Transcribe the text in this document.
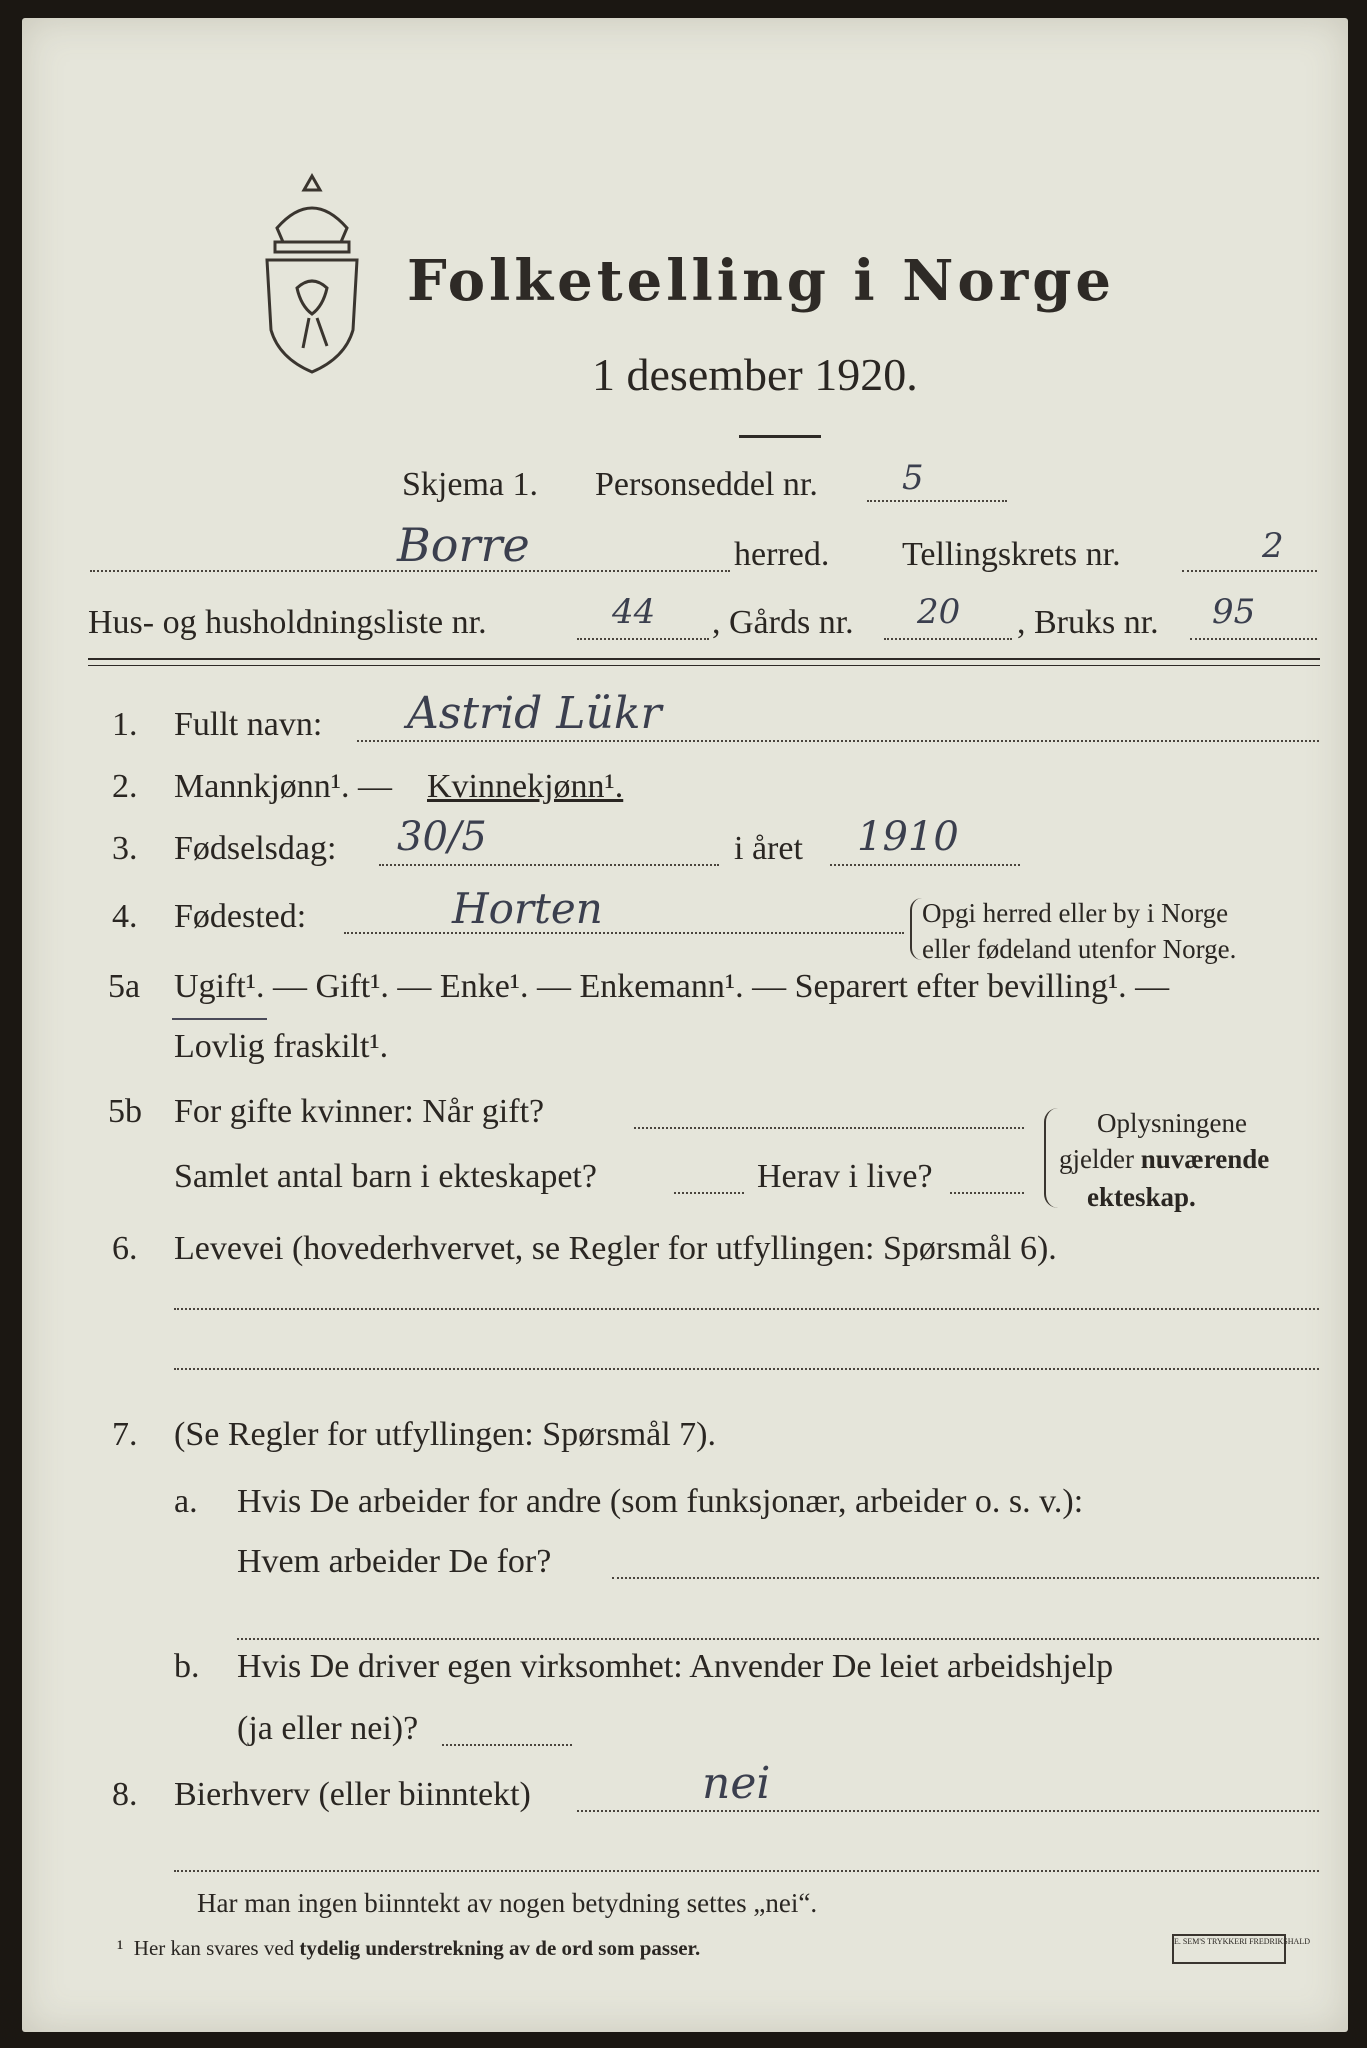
Folketelling i Norge
1 desember 1920.
Skjema 1. Personseddel nr. 5
Borre	herred. Tellingskrets nr.	2
Hus- og husholdningsliste nr.	44 , Gårds nr. 20 , Bruks nr. 95
1. Fullt navn: Astrid Lükr
2. Mannkjønn¹. — Kvinnekjønn¹.
3. Fødselsdag: 30/5	i året 1910
4. Fødested:	Horten	Opgi herred eller by i Norge
eller fødeland utenfor Norge.
5a Ugift¹. — Gift¹. — Enke¹. — Enkemann¹. — Separert efter bevilling¹. —
Lovlig fraskilt¹.
5b For gifte kvinner: Når gift?
Samlet antal barn i ekteskapet?	Herav i live?
Oplysningene
gjelder nuværende
ekteskap.
6. Levevei (hovederhvervet, se Regler for utfyllingen: Spørsmål 6).
7. (Se Regler for utfyllingen: Spørsmål 7).
a. Hvis De arbeider for andre (som funksjonær, arbeider o. s. v.):
Hvem arbeider De for?
b. Hvis De driver egen virksomhet: Anvender De leiet arbeidshjelp
(ja eller nei)?
8. Bierhverv (eller biinntekt)	nei
Har man ingen biinntekt av nogen betydning settes „nei“.
¹ Her kan svares ved tydelig understrekning av de ord som passer.	E. SEM'S TRYKKERI FREDRIKSHALD
